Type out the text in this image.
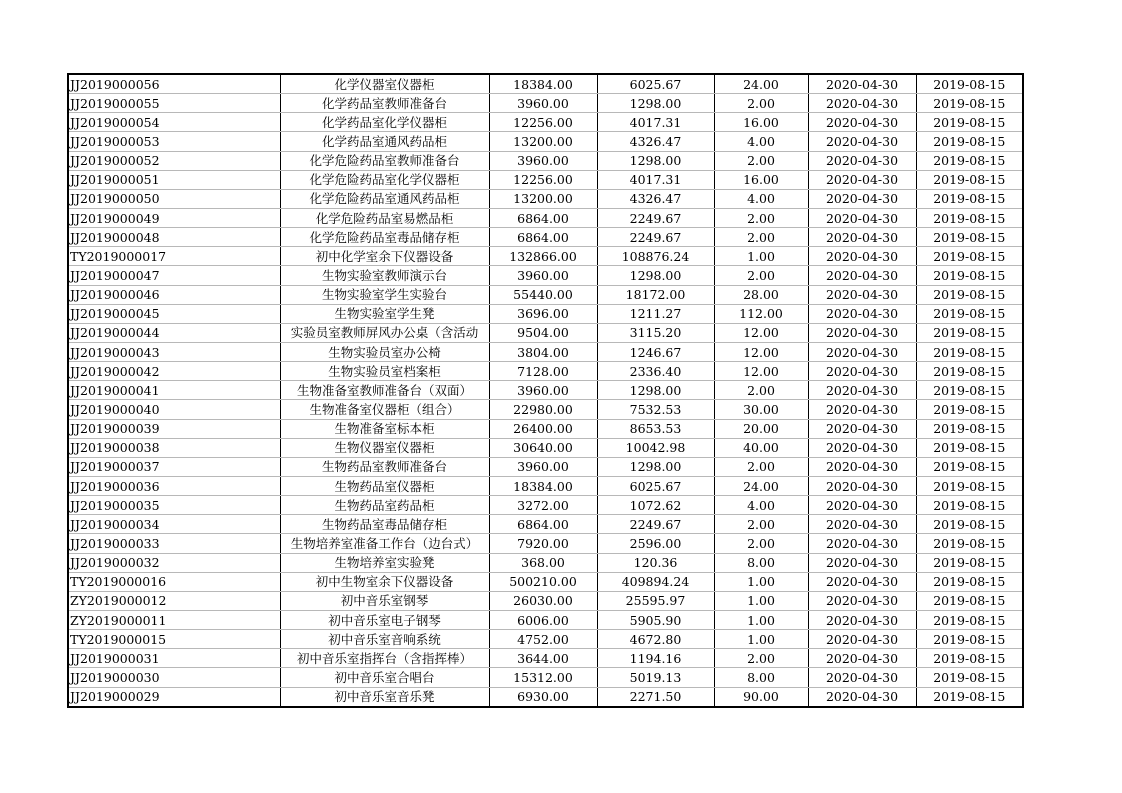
JJ2019000056	化学仪器室仪器柜	18384.00	6025.67	24.00	2020-04-30	2019-08-15
JJ2019000055	化学药品室教师准备台	3960.00	1298.00	2.00	2020-04-30	2019-08-15
JJ2019000054	化学药品室化学仪器柜	12256.00	4017.31	16.00	2020-04-30	2019-08-15
JJ2019000053	化学药品室通风药品柜	13200.00	4326.47	4.00	2020-04-30	2019-08-15
JJ2019000052	化学危险药品室教师准备台	3960.00	1298.00	2.00	2020-04-30	2019-08-15
JJ2019000051	化学危险药品室化学仪器柜	12256.00	4017.31	16.00	2020-04-30	2019-08-15
JJ2019000050	化学危险药品室通风药品柜	13200.00	4326.47	4.00	2020-04-30	2019-08-15
JJ2019000049	化学危险药品室易燃品柜	6864.00	2249.67	2.00	2020-04-30	2019-08-15
JJ2019000048	化学危险药品室毒品储存柜	6864.00	2249.67	2.00	2020-04-30	2019-08-15
TY2019000017	初中化学室余下仪器设备	132866.00	108876.24	1.00	2020-04-30	2019-08-15
JJ2019000047	生物实验室教师演示台	3960.00	1298.00	2.00	2020-04-30	2019-08-15
JJ2019000046	生物实验室学生实验台	55440.00	18172.00	28.00	2020-04-30	2019-08-15
JJ2019000045	生物实验室学生凳	3696.00	1211.27	112.00	2020-04-30	2019-08-15
JJ2019000044	实验员室教师屏风办公桌（含活动	9504.00	3115.20	12.00	2020-04-30	2019-08-15
JJ2019000043	生物实验员室办公椅	3804.00	1246.67	12.00	2020-04-30	2019-08-15
JJ2019000042	生物实验员室档案柜	7128.00	2336.40	12.00	2020-04-30	2019-08-15
JJ2019000041	生物准备室教师准备台（双面）	3960.00	1298.00	2.00	2020-04-30	2019-08-15
JJ2019000040	生物准备室仪器柜（组合）	22980.00	7532.53	30.00	2020-04-30	2019-08-15
JJ2019000039	生物准备室标本柜	26400.00	8653.53	20.00	2020-04-30	2019-08-15
JJ2019000038	生物仪器室仪器柜	30640.00	10042.98	40.00	2020-04-30	2019-08-15
JJ2019000037	生物药品室教师准备台	3960.00	1298.00	2.00	2020-04-30	2019-08-15
JJ2019000036	生物药品室仪器柜	18384.00	6025.67	24.00	2020-04-30	2019-08-15
JJ2019000035	生物药品室药品柜	3272.00	1072.62	4.00	2020-04-30	2019-08-15
JJ2019000034	生物药品室毒品储存柜	6864.00	2249.67	2.00	2020-04-30	2019-08-15
JJ2019000033	生物培养室准备工作台（边台式）	7920.00	2596.00	2.00	2020-04-30	2019-08-15
JJ2019000032	生物培养室实验凳	368.00	120.36	8.00	2020-04-30	2019-08-15
TY2019000016	初中生物室余下仪器设备	500210.00	409894.24	1.00	2020-04-30	2019-08-15
ZY2019000012	初中音乐室钢琴	26030.00	25595.97	1.00	2020-04-30	2019-08-15
ZY2019000011	初中音乐室电子钢琴	6006.00	5905.90	1.00	2020-04-30	2019-08-15
TY2019000015	初中音乐室音响系统	4752.00	4672.80	1.00	2020-04-30	2019-08-15
JJ2019000031	初中音乐室指挥台（含指挥棒）	3644.00	1194.16	2.00	2020-04-30	2019-08-15
JJ2019000030	初中音乐室合唱台	15312.00	5019.13	8.00	2020-04-30	2019-08-15
JJ2019000029	初中音乐室音乐凳	6930.00	2271.50	90.00	2020-04-30	2019-08-15
